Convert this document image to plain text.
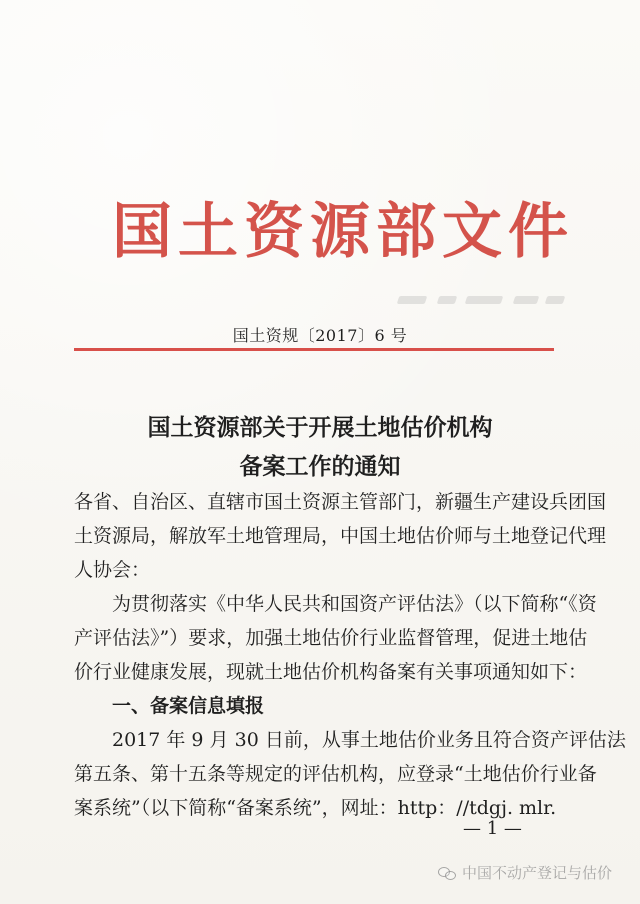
国土资源部文件
国土资规〔2017〕6 号
国土资源部关于开展土地估价机构
备案工作的通知
各省、自治区、直辖市国土资源主管部门，新疆生产建设兵团国
土资源局，解放军土地管理局，中国土地估价师与土地登记代理
人协会：
为贯彻落实《中华人民共和国资产评估法》（以下简称“《资
产评估法》”）要求，加强土地估价行业监督管理，促进土地估
价行业健康发展，现就土地估价机构备案有关事项通知如下：
一、备案信息填报
2017 年 9 月 30 日前，从事土地估价业务且符合资产评估法
第五条、第十五条等规定的评估机构，应登录“土地估价行业备
案系统”（以下简称“备案系统”，网址：http：//tdgj. mlr.
— 1 —
中国不动产登记与估价
